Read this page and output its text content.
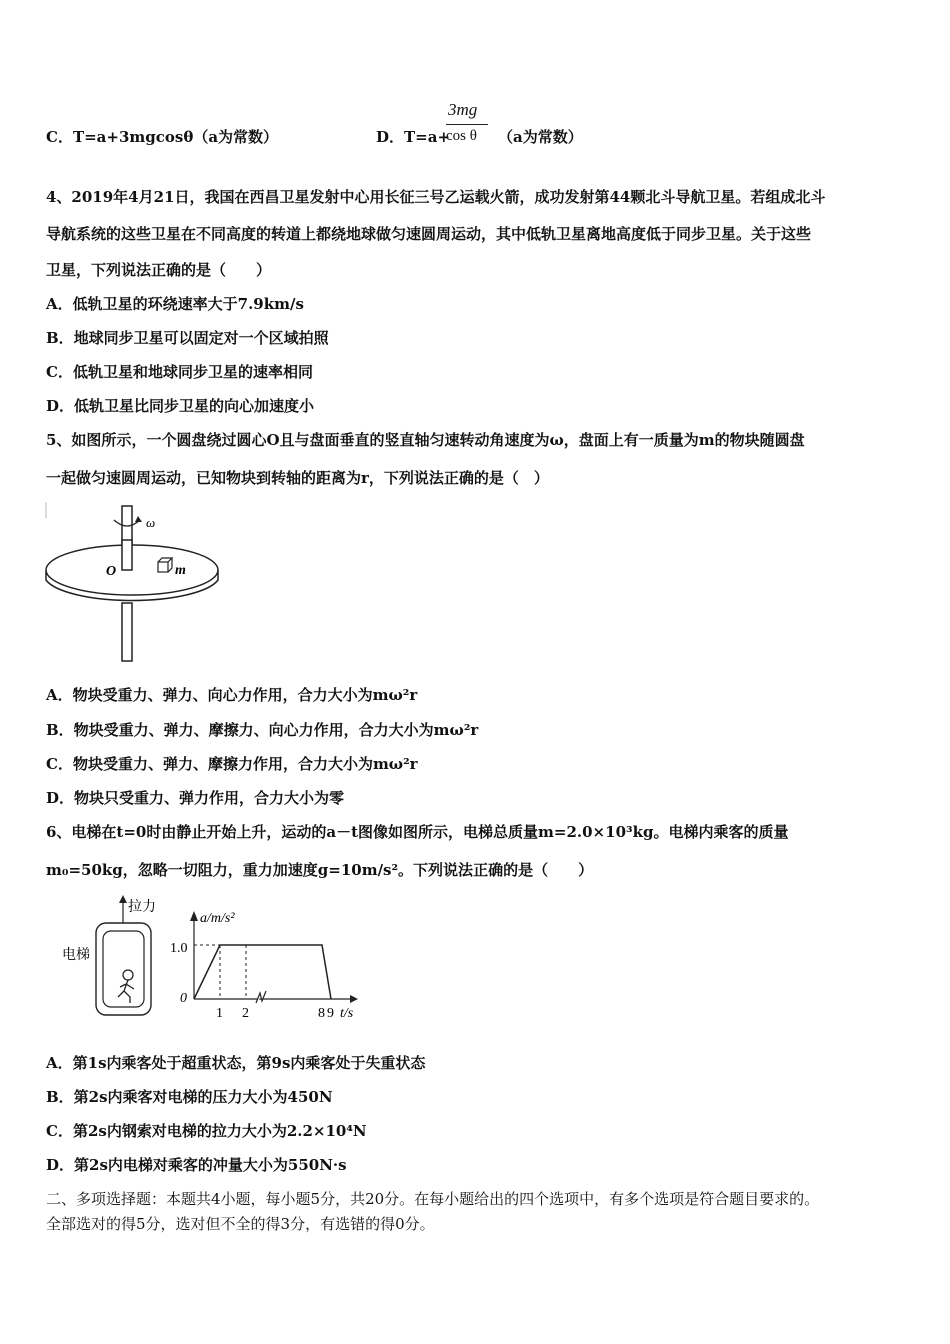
C．T=a+3mgcosθ（a为常数）	D．T=a+
3mg
cos θ （a为常数）
4、2019年4月21日，我国在西昌卫星发射中心用长征三号乙运载火箭，成功发射第44颗北斗导航卫星。若组成北斗
导航系统的这些卫星在不同高度的转道上都绕地球做匀速圆周运动，其中低轨卫星离地高度低于同步卫星。关于这些
卫星，下列说法正确的是（　　）
A．低轨卫星的环绕速率大于7.9km/s
B．地球同步卫星可以固定对一个区域拍照
C．低轨卫星和地球同步卫星的速率相同
D．低轨卫星比同步卫星的向心加速度小
5、如图所示，一个圆盘绕过圆心O且与盘面垂直的竖直轴匀速转动角速度为ω，盘面上有一质量为m的物块随圆盘
一起做匀速圆周运动，已知物块到转轴的距离为r，下列说法正确的是（　）
ω
O	m
A．物块受重力、弹力、向心力作用，合力大小为mω²r
B．物块受重力、弹力、摩擦力、向心力作用，合力大小为mω²r
C．物块受重力、弹力、摩擦力作用，合力大小为mω²r
D．物块只受重力、弹力作用，合力大小为零
6、电梯在t=0时由静止开始上升，运动的a－t图像如图所示，电梯总质量m=2.0×10³kg。电梯内乘客的质量
m₀=50kg，忽略一切阻力，重力加速度g=10m/s²。下列说法正确的是（　　）
拉力
电梯
a/m/s²
t/s
0
1.0
1 2	8 9
A．第1s内乘客处于超重状态，第9s内乘客处于失重状态
B．第2s内乘客对电梯的压力大小为450N
C．第2s内钢索对电梯的拉力大小为2.2×10⁴N
D．第2s内电梯对乘客的冲量大小为550N·s
二、多项选择题：本题共4小题，每小题5分，共20分。在每小题给出的四个选项中，有多个选项是符合题目要求的。
全部选对的得5分，选对但不全的得3分，有选错的得0分。
